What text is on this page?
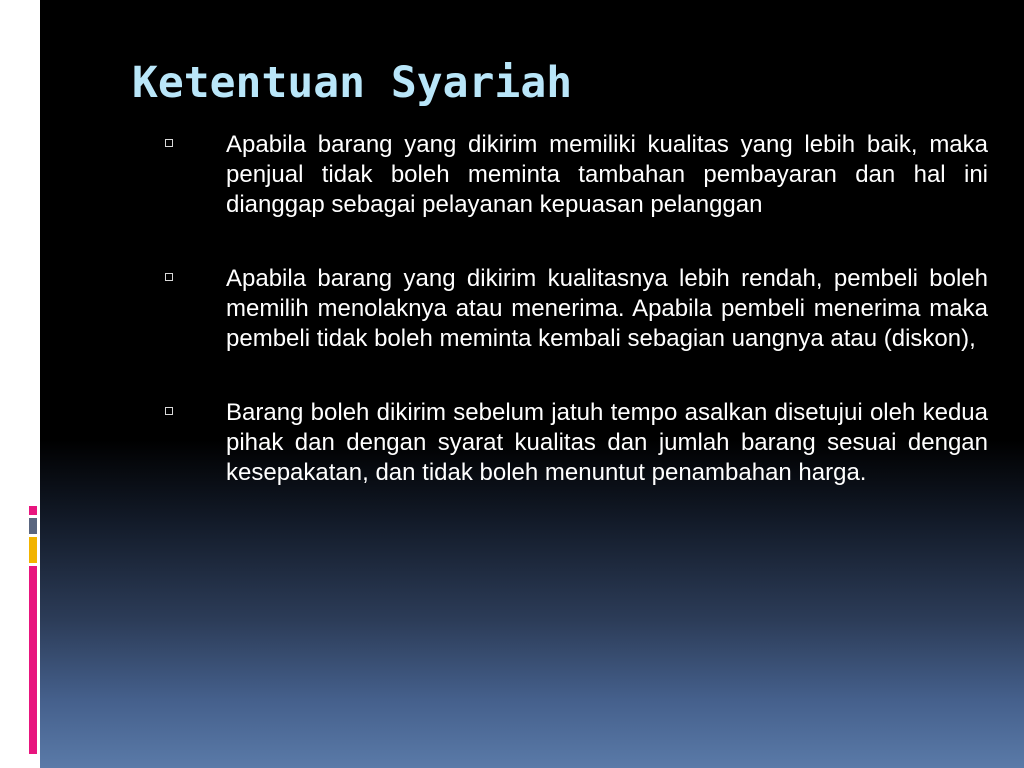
Ketentuan Syariah
Apabila barang yang dikirim memiliki kualitas yang lebih baik, maka penjual tidak boleh meminta tambahan pembayaran dan hal ini dianggap sebagai pelayanan kepuasan pelanggan
Apabila barang yang dikirim kualitasnya lebih rendah, pembeli boleh memilih menolaknya atau menerima. Apabila pembeli menerima maka pembeli tidak boleh meminta kembali sebagian uangnya atau (diskon),
Barang boleh dikirim sebelum jatuh tempo asalkan disetujui oleh kedua pihak dan dengan syarat kualitas dan jumlah barang sesuai dengan kesepakatan, dan tidak boleh menuntut penambahan harga.
